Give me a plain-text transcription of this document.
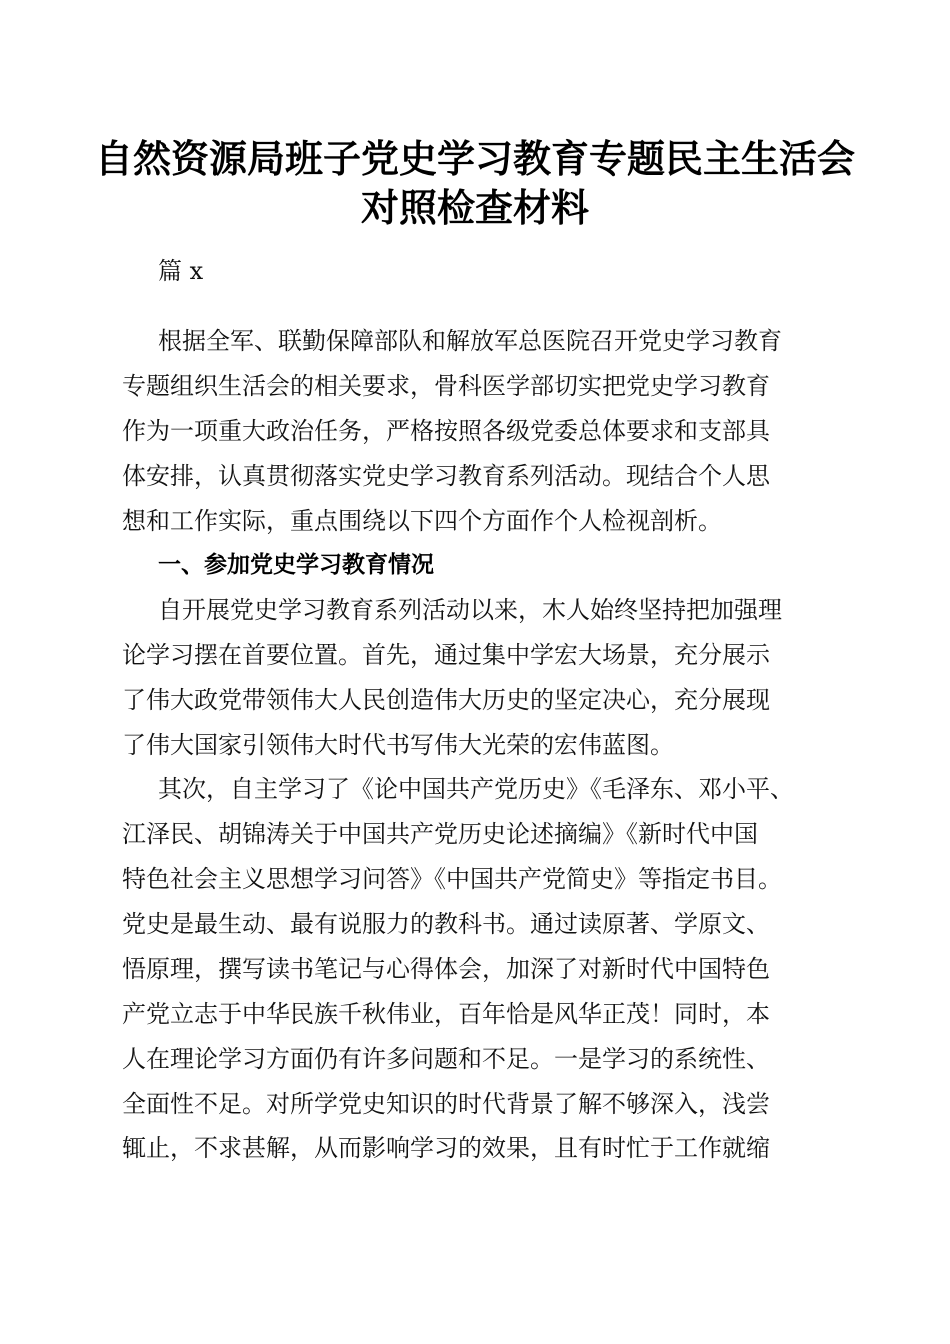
自然资源局班子党史学习教育专题民主生活会
对照检查材料
篇 x
根据全军、联勤保障部队和解放军总医院召开党史学习教育
专题组织生活会的相关要求，骨科医学部切实把党史学习教育
作为一项重大政治任务，严格按照各级党委总体要求和支部具
体安排，认真贯彻落实党史学习教育系列活动。现结合个人思
想和工作实际，重点围绕以下四个方面作个人检视剖析。
一、参加党史学习教育情况
自开展党史学习教育系列活动以来，木人始终坚持把加强理
论学习摆在首要位置。首先，通过集中学宏大场景，充分展示
了伟大政党带领伟大人民创造伟大历史的坚定决心，充分展现
了伟大国家引领伟大时代书写伟大光荣的宏伟蓝图。
其次，自主学习了《论中国共产党历史》《毛泽东、邓小平、
江泽民、胡锦涛关于中国共产党历史论述摘编》《新时代中国
特色社会主义思想学习问答》《中国共产党简史》等指定书目。
党史是最生动、最有说服力的教科书。通过读原著、学原文、
悟原理，撰写读书笔记与心得体会，加深了对新时代中国特色
产党立志于中华民族千秋伟业，百年恰是风华正茂！同时，本
人在理论学习方面仍有许多问题和不足。一是学习的系统性、
全面性不足。对所学党史知识的时代背景了解不够深入，浅尝
辄止，不求甚解，从而影响学习的效果，且有时忙于工作就缩
